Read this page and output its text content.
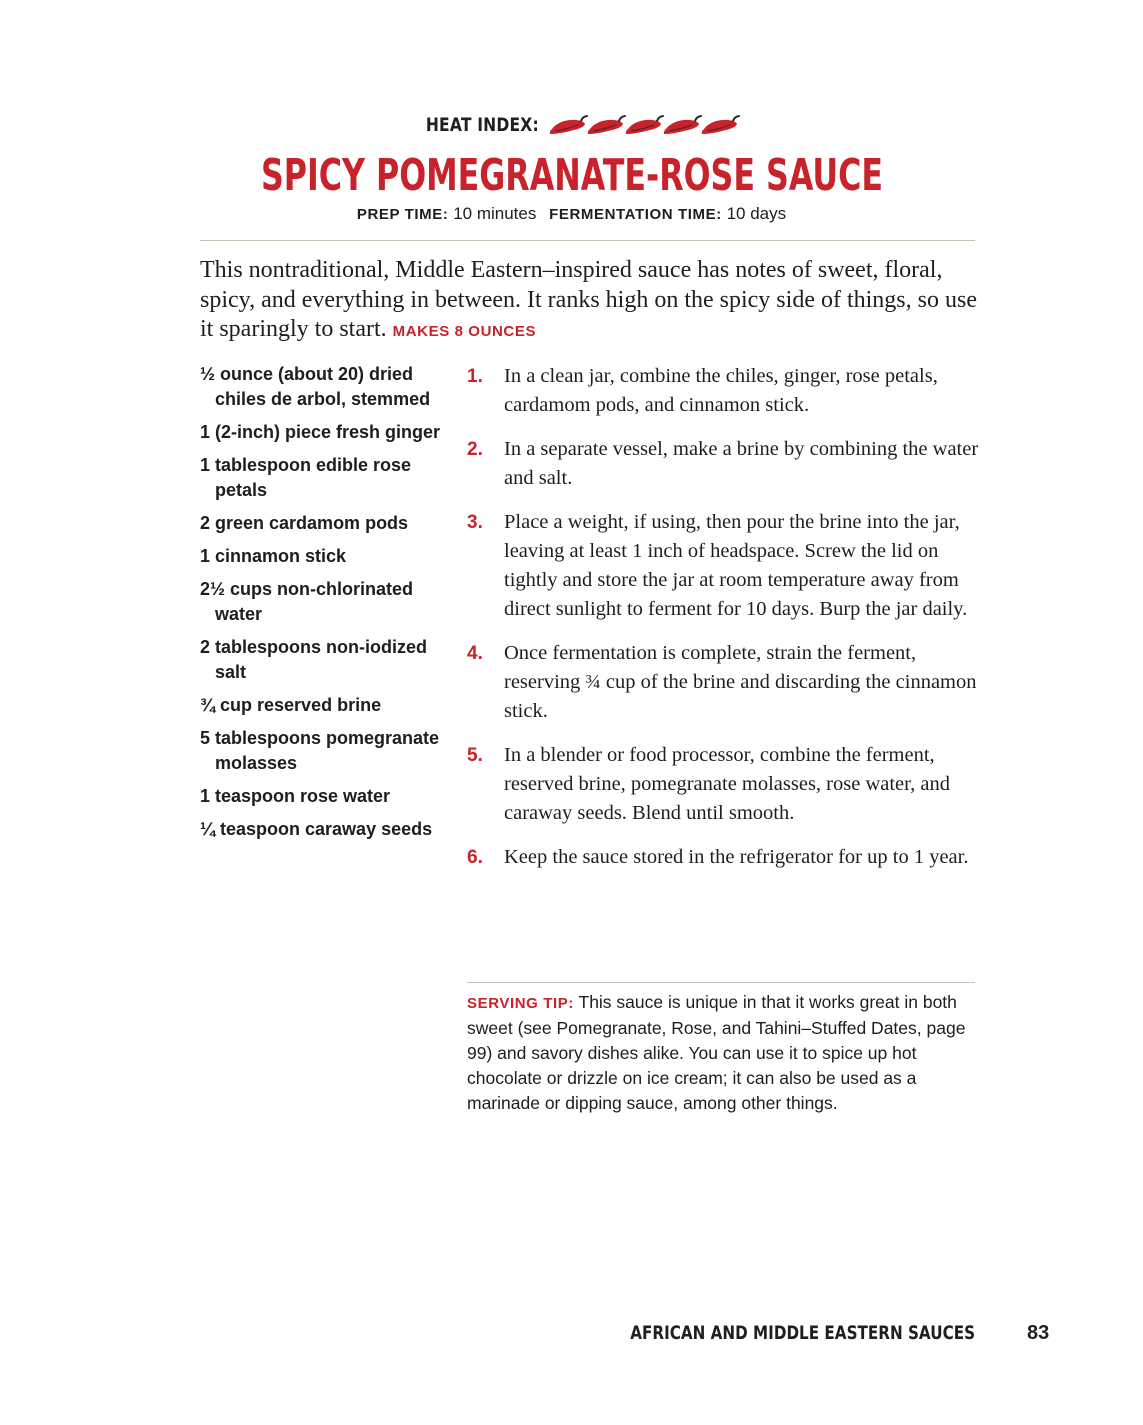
HEAT INDEX:
SPICY POMEGRANATE-ROSE SAUCE
PREP TIME: 10 minutes FERMENTATION TIME: 10 days

This nontraditional, Middle Eastern–inspired sauce has notes of sweet, floral, spicy, and everything in between. It ranks high on the spicy side of things, so use it sparingly to start. MAKES 8 OUNCES

½ ounce (about 20) dried chiles de arbol, stemmed
1 (2-inch) piece fresh ginger
1 tablespoon edible rose petals
2 green cardamom pods
1 cinnamon stick
2½ cups non-chlorinated water
2 tablespoons non-iodized salt
¾ cup reserved brine
5 tablespoons pomegranate molasses
1 teaspoon rose water
¼ teaspoon caraway seeds
1. In a clean jar, combine the chiles, ginger, rose petals, cardamom pods, and cinnamon stick.
2. In a separate vessel, make a brine by combining the water and salt.
3. Place a weight, if using, then pour the brine into the jar, leaving at least 1 inch of headspace. Screw the lid on tightly and store the jar at room temperature away from direct sunlight to ferment for 10 days. Burp the jar daily.
4. Once fermentation is complete, strain the ferment, reserving ¾ cup of the brine and discarding the cinnamon stick.
5. In a blender or food processor, combine the ferment, reserved brine, pomegranate molasses, rose water, and caraway seeds. Blend until smooth.
6. Keep the sauce stored in the refrigerator for up to 1 year.

SERVING TIP: This sauce is unique in that it works great in both sweet (see Pomegranate, Rose, and Tahini–Stuffed Dates, page 99) and savory dishes alike. You can use it to spice up hot chocolate or drizzle on ice cream; it can also be used as a marinade or dipping sauce, among other things.

AFRICAN AND MIDDLE EASTERN SAUCES	83
